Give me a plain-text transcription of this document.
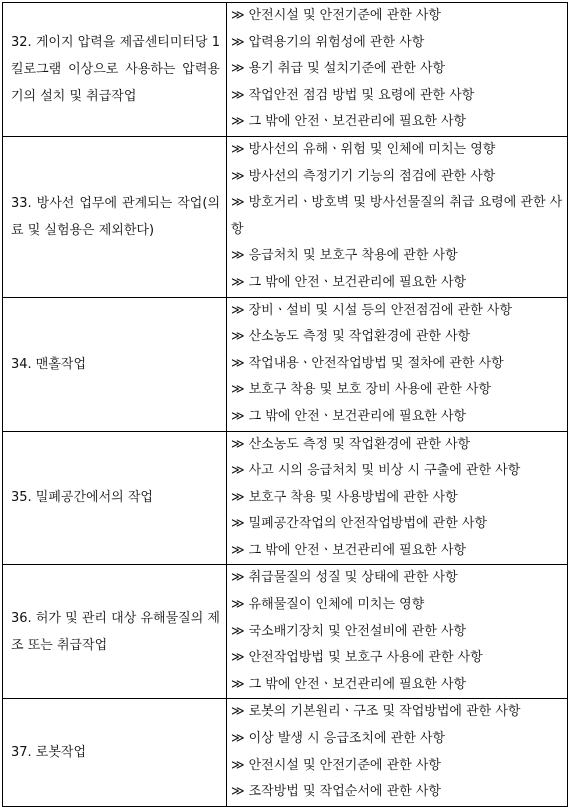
32. 게이지 압력을 제곱센티미터당 1킬로그램 이상으로 사용하는 압력용기의 설치 및 취급작업	≫ 안전시설 및 안전기준에 관한 사항
≫ 압력용기의 위험성에 관한 사항
≫ 용기 취급 및 설치기준에 관한 사항
≫ 작업안전 점검 방법 및 요령에 관한 사항
≫ 그 밖에 안전ㆍ보건관리에 필요한 사항

33. 방사선 업무에 관계되는 작업(의료 및 실험용은 제외한다)	≫ 방사선의 유해ㆍ위험 및 인체에 미치는 영향
≫ 방사선의 측정기기 기능의 점검에 관한 사항
≫ 방호거리ㆍ방호벽 및 방사선물질의 취급 요령에 관한 사항
≫ 응급처치 및 보호구 착용에 관한 사항
≫ 그 밖에 안전ㆍ보건관리에 필요한 사항

34. 맨홀작업	≫ 장비ㆍ설비 및 시설 등의 안전점검에 관한 사항
≫ 산소농도 측정 및 작업환경에 관한 사항
≫ 작업내용ㆍ안전작업방법 및 절차에 관한 사항
≫ 보호구 착용 및 보호 장비 사용에 관한 사항
≫ 그 밖에 안전ㆍ보건관리에 필요한 사항

35. 밀폐공간에서의 작업	≫ 산소농도 측정 및 작업환경에 관한 사항
≫ 사고 시의 응급처치 및 비상 시 구출에 관한 사항
≫ 보호구 착용 및 사용방법에 관한 사항
≫ 밀폐공간작업의 안전작업방법에 관한 사항
≫ 그 밖에 안전ㆍ보건관리에 필요한 사항

36. 허가 및 관리 대상 유해물질의 제조 또는 취급작업	≫ 취급물질의 성질 및 상태에 관한 사항
≫ 유해물질이 인체에 미치는 영향
≫ 국소배기장치 및 안전설비에 관한 사항
≫ 안전작업방법 및 보호구 사용에 관한 사항
≫ 그 밖에 안전ㆍ보건관리에 필요한 사항

37. 로봇작업	≫ 로봇의 기본원리ㆍ구조 및 작업방법에 관한 사항
≫ 이상 발생 시 응급조치에 관한 사항
≫ 안전시설 및 안전기준에 관한 사항
≫ 조작방법 및 작업순서에 관한 사항
